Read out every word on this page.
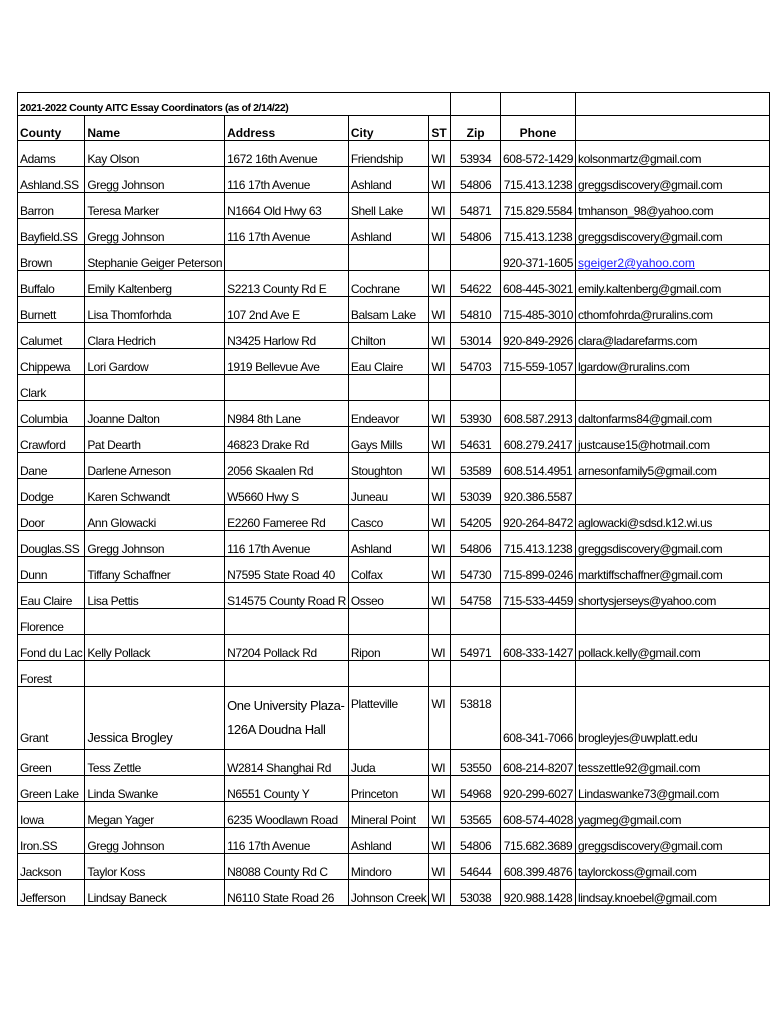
2021-2022 County AITC Essay Coordinators (as of 2/14/22)							
County	Name	Address	City	ST	Zip	Phone	
Adams	Kay Olson	1672 16th Avenue	Friendship	WI	53934	608-572-1429	kolsonmartz@gmail.com
Ashland.SS	Gregg Johnson	116 17th Avenue	Ashland	WI	54806	715.413.1238	greggsdiscovery@gmail.com
Barron	Teresa Marker	N1664 Old Hwy 63	Shell Lake	WI	54871	715.829.5584	tmhanson_98@yahoo.com
Bayfield.SS	Gregg Johnson	116 17th Avenue	Ashland	WI	54806	715.413.1238	greggsdiscovery@gmail.com
Brown	Stephanie Geiger Peterson					920-371-1605	sgeiger2@yahoo.com
Buffalo	Emily Kaltenberg	S2213 County Rd E	Cochrane	WI	54622	608-445-3021	emily.kaltenberg@gmail.com
Burnett	Lisa Thomforhda	107 2nd Ave E	Balsam Lake	WI	54810	715-485-3010	cthomfohrda@ruralins.com
Calumet	Clara Hedrich	N3425 Harlow Rd	Chilton	WI	53014	920-849-2926	clara@ladarefarms.com
Chippewa	Lori Gardow	1919 Bellevue Ave	Eau Claire	WI	54703	715-559-1057	lgardow@ruralins.com
Clark							
Columbia	Joanne Dalton	N984 8th Lane	Endeavor	WI	53930	608.587.2913	daltonfarms84@gmail.com
Crawford	Pat Dearth	46823 Drake Rd	Gays Mills	WI	54631	608.279.2417	justcause15@hotmail.com
Dane	Darlene Arneson	2056 Skaalen Rd	Stoughton	WI	53589	608.514.4951	arnesonfamily5@gmail.com
Dodge	Karen Schwandt	W5660 Hwy S	Juneau	WI	53039	920.386.5587	
Door	Ann Glowacki	E2260 Fameree Rd	Casco	WI	54205	920-264-8472	aglowacki@sdsd.k12.wi.us
Douglas.SS	Gregg Johnson	116 17th Avenue	Ashland	WI	54806	715.413.1238	greggsdiscovery@gmail.com
Dunn	Tiffany Schaffner	N7595 State Road 40	Colfax	WI	54730	715-899-0246	marktiffschaffner@gmail.com
Eau Claire	Lisa Pettis	S14575 County Road R	Osseo	WI	54758	715-533-4459	shortysjerseys@yahoo.com
Florence							
Fond du Lac	Kelly Pollack	N7204 Pollack Rd	Ripon	WI	54971	608-333-1427	pollack.kelly@gmail.com
Forest							
Grant	Jessica Brogley	One University Plaza-126A Doudna Hall	Platteville	WI	53818	608-341-7066	brogleyjes@uwplatt.edu
Green	Tess Zettle	W2814 Shanghai Rd	Juda	WI	53550	608-214-8207	tesszettle92@gmail.com
Green Lake	Linda Swanke	N6551 County Y	Princeton	WI	54968	920-299-6027	Lindaswanke73@gmail.com
Iowa	Megan Yager	6235 Woodlawn Road	Mineral Point	WI	53565	608-574-4028	yagmeg@gmail.com
Iron.SS	Gregg Johnson	116 17th Avenue	Ashland	WI	54806	715.682.3689	greggsdiscovery@gmail.com
Jackson	Taylor Koss	N8088 County Rd C	Mindoro	WI	54644	608.399.4876	taylorckoss@gmail.com
Jefferson	Lindsay Baneck	N6110 State Road 26	Johnson Creek	WI	53038	920.988.1428	lindsay.knoebel@gmail.com
